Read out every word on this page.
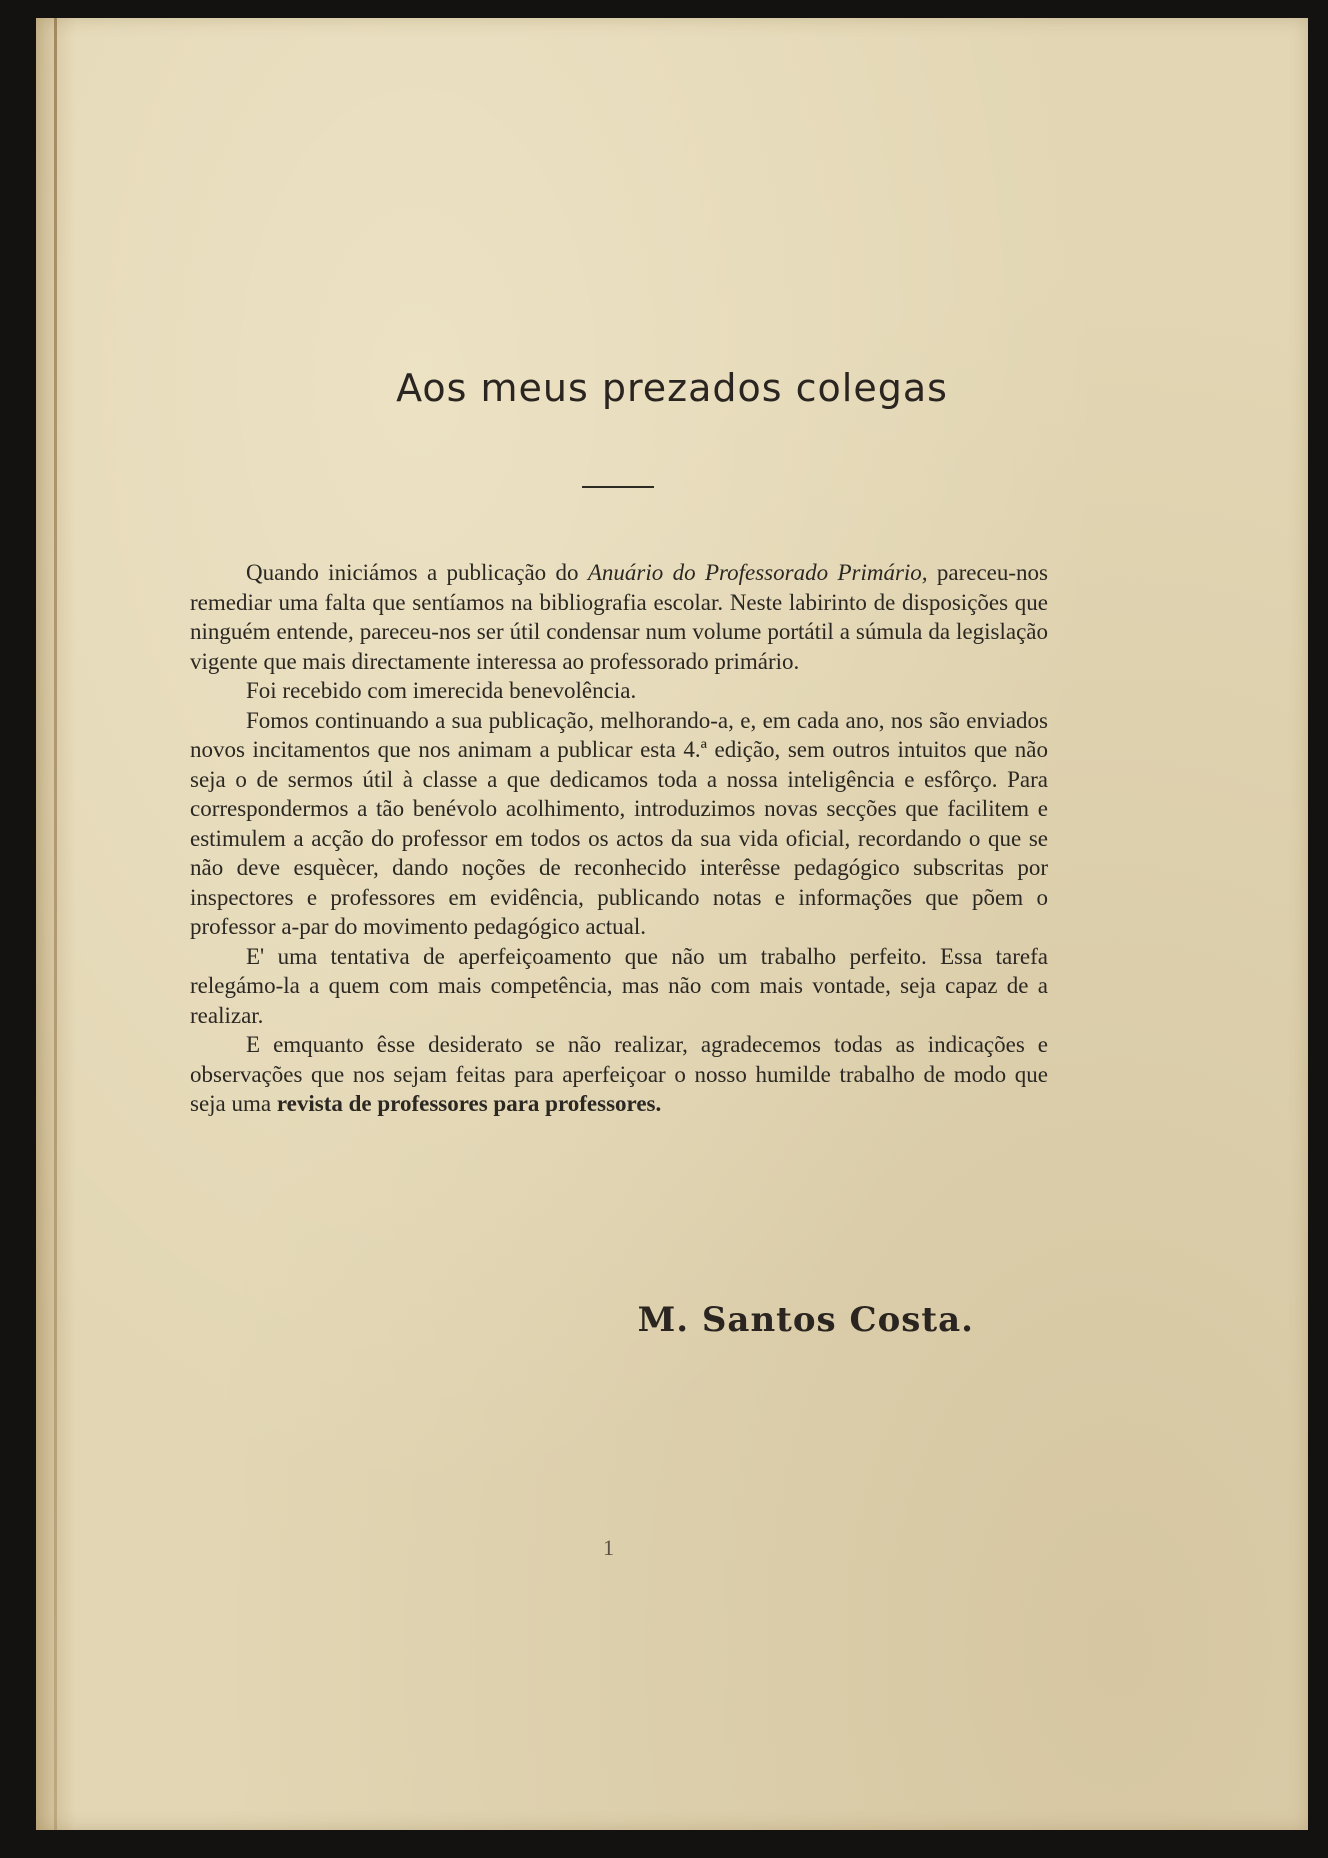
Aos meus prezados colegas

Quando iniciámos a publicação do Anuário do Professorado Primário, pareceu-nos remediar uma falta que sentíamos na bibliografia escolar. Neste labirinto de disposições que ninguém entende, pareceu-nos ser útil condensar num volume portátil a súmula da legislação vigente que mais directamente interessa ao professorado primário.

Foi recebido com imerecida benevolência.

Fomos continuando a sua publicação, melhorando-a, e, em cada ano, nos são enviados novos incitamentos que nos animam a publicar esta 4.ª edição, sem outros intuitos que não seja o de sermos útil à classe a que dedicamos toda a nossa inteligência e esfôrço. Para correspondermos a tão benévolo acolhimento, introduzimos novas secções que facilitem e estimulem a acção do professor em todos os actos da sua vida oficial, recordando o que se não deve esquècer, dando noções de reconhecido interêsse pedagógico subscritas por inspectores e professores em evidência, publicando notas e informações que põem o professor a-par do movimento pedagógico actual.

E' uma tentativa de aperfeiçoamento que não um trabalho perfeito. Essa tarefa relegámo-la a quem com mais competência, mas não com mais vontade, seja capaz de a realizar.

E emquanto êsse desiderato se não realizar, agradecemos todas as indicações e observações que nos sejam feitas para aperfeiçoar o nosso humilde trabalho de modo que seja uma revista de professores para professores.

M. Santos Costa.
1
